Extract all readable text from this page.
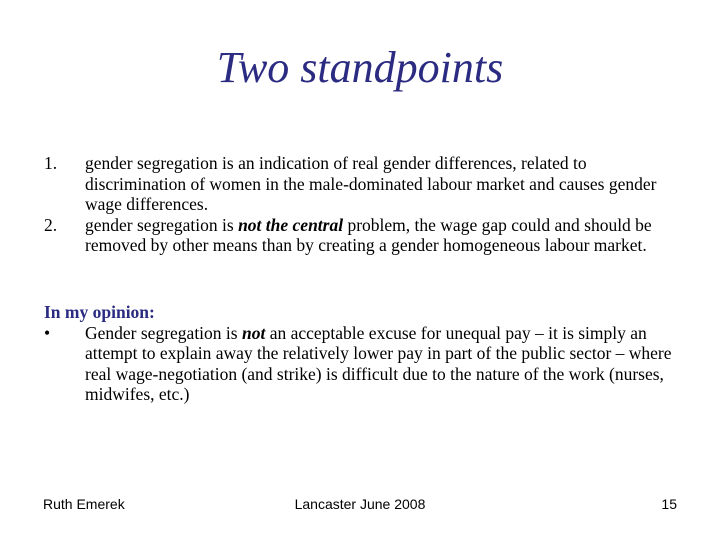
Two standpoints
1. gender segregation is an indication of real gender differences, related to discrimination of women in the male-dominated labour market and causes gender wage differences.
2. gender segregation is not the central problem, the wage gap could and should be removed by other means than by creating a gender homogeneous labour market.
In my opinion:
• Gender segregation is not an acceptable excuse for unequal pay – it is simply an attempt to explain away the relatively lower pay in part of the public sector – where real wage-negotiation (and strike) is difficult due to the nature of the work (nurses, midwifes, etc.)
Ruth Emerek	Lancaster June 2008	15
